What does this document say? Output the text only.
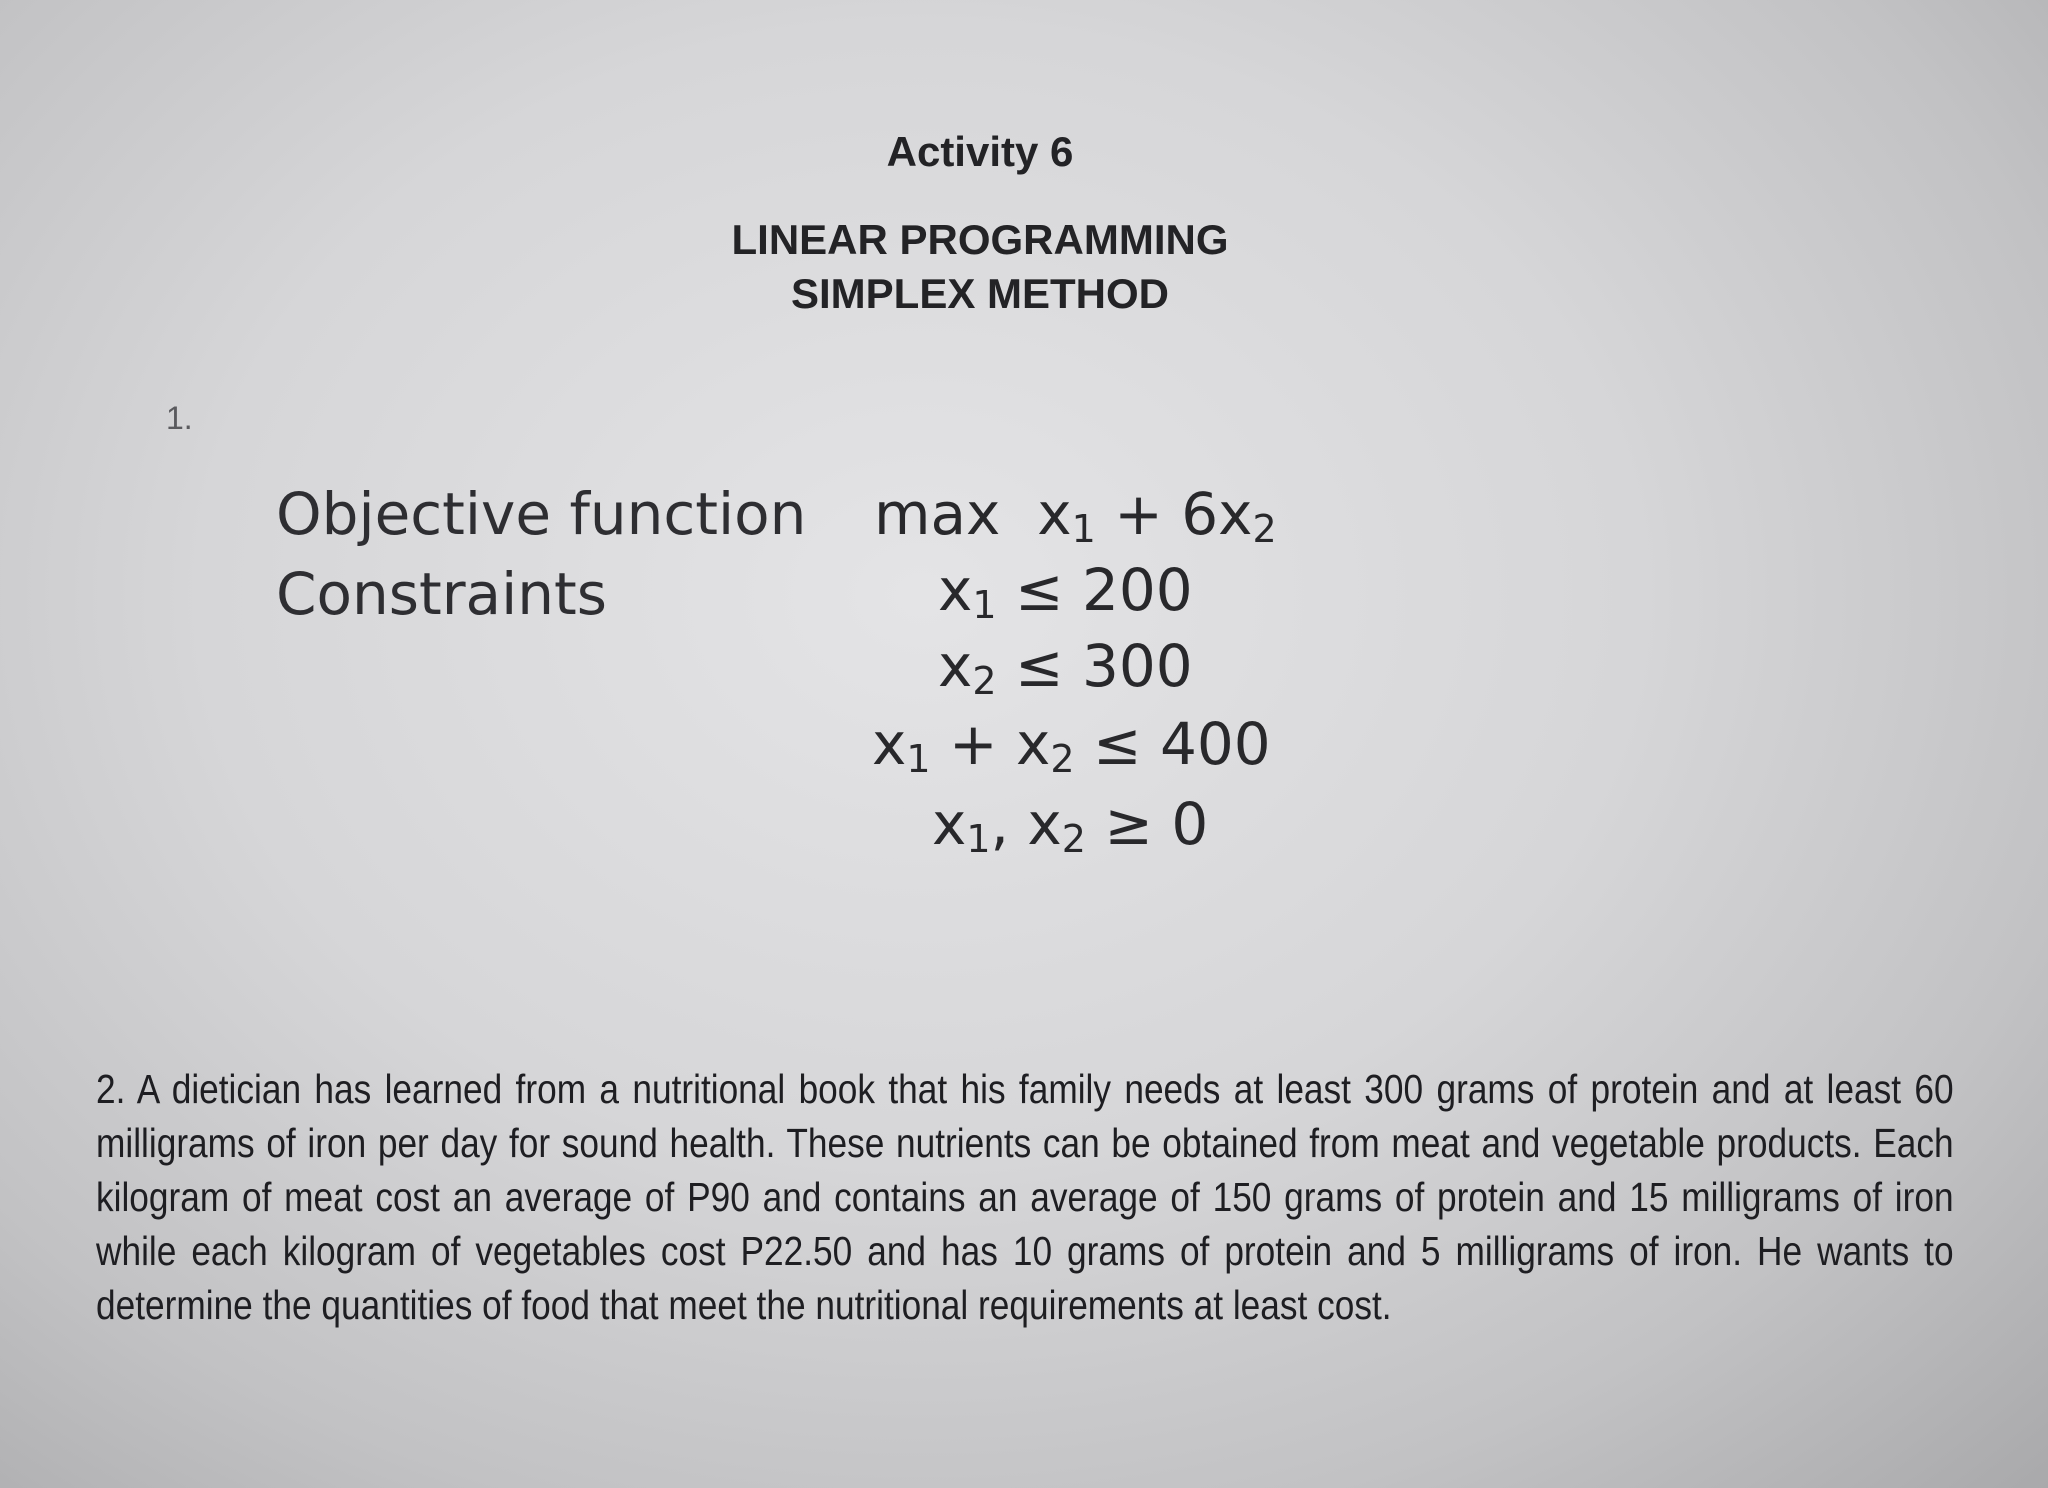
Activity 6
LINEAR PROGRAMMING
SIMPLEX METHOD
1.
Objective function
Constraints
$\max x_1 + 6x_2$
$x_1 \le 200$
$x_2 \le 300$
$x_1 + x_2 \le 400$
$x_1$, $x_2 \ge 0$
2. A dietician has learned from a nutritional book that his family needs at least 300 grams of protein and at least 60 milligrams of iron per day for sound health. These nutrients can be obtained from meat and vegetable products. Each kilogram of meat cost an average of P90 and contains an average of 150 grams of protein and 15 milligrams of iron while each kilogram of vegetables cost P22.50 and has 10 grams of protein and 5 milligrams of iron. He wants to determine the quantities of food that meet the nutritional requirements at least cost.
